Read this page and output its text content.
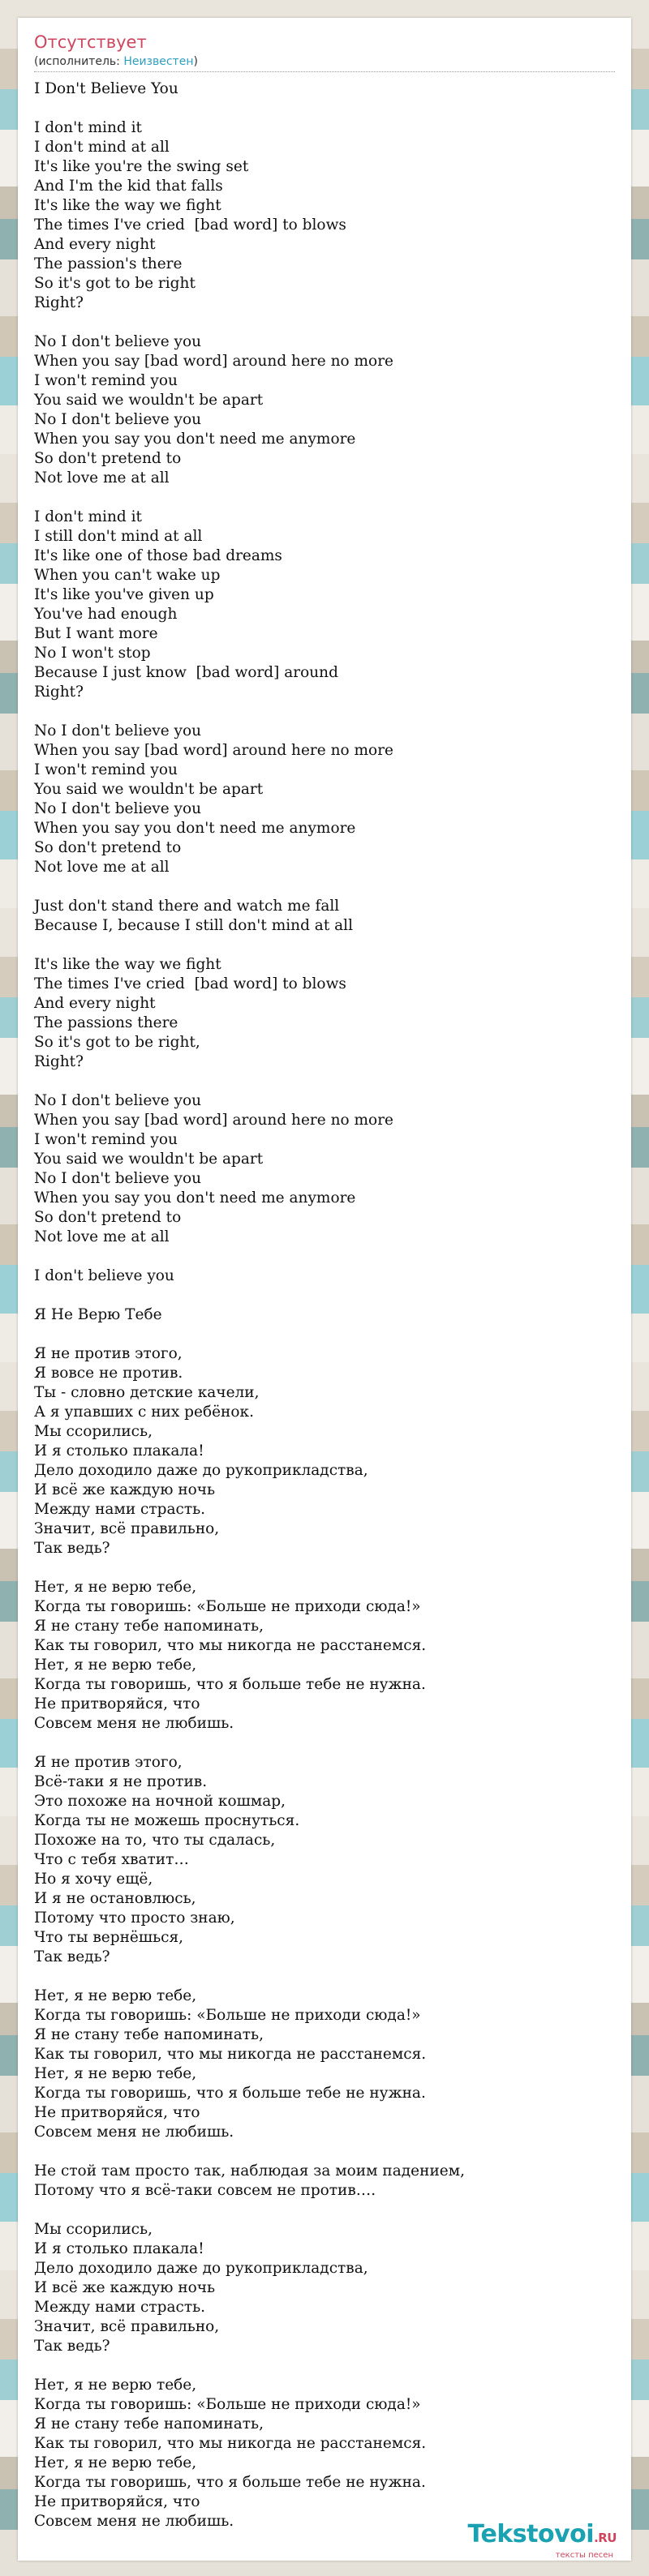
Отсутствует
(исполнитель: Неизвестен)
I Don't Believe You
I don't mind it
I don't mind at all
It's like you're the swing set
And I'm the kid that falls
It's like the way we fight
The times I've cried  [bad word] to blows
And every night
The passion's there
So it's got to be right
Right?
No I don't believe you
When you say [bad word] around here no more
I won't remind you
You said we wouldn't be apart
No I don't believe you
When you say you don't need me anymore
So don't pretend to
Not love me at all
I don't mind it
I still don't mind at all
It's like one of those bad dreams
When you can't wake up
It's like you've given up
You've had enough
But I want more
No I won't stop
Because I just know  [bad word] around
Right?
No I don't believe you
When you say [bad word] around here no more
I won't remind you
You said we wouldn't be apart
No I don't believe you
When you say you don't need me anymore
So don't pretend to
Not love me at all
Just don't stand there and watch me fall
Because I, because I still don't mind at all
It's like the way we fight
The times I've cried  [bad word] to blows
And every night
The passions there
So it's got to be right,
Right?
No I don't believe you
When you say [bad word] around here no more
I won't remind you
You said we wouldn't be apart
No I don't believe you
When you say you don't need me anymore
So don't pretend to
Not love me at all
I don't believe you
Я Не Верю Тебе
Я не против этого,
Я вовсе не против.
Ты - словно детские качели,
А я упавших с них ребёнок.
Мы ссорились,
И я столько плакала!
Дело доходило даже до рукоприкладства,
И всё же каждую ночь
Между нами страсть.
Значит, всё правильно,
Так ведь?
Нет, я не верю тебе,
Когда ты говоришь: «Больше не приходи сюда!»
Я не стану тебе напоминать,
Как ты говорил, что мы никогда не расстанемся.
Нет, я не верю тебе,
Когда ты говоришь, что я больше тебе не нужна.
Не притворяйся, что
Совсем меня не любишь.
Я не против этого,
Всё-таки я не против.
Это похоже на ночной кошмар,
Когда ты не можешь проснуться.
Похоже на то, что ты сдалась,
Что с тебя хватит…
Но я хочу ещё,
И я не остановлюсь,
Потому что просто знаю,
Что ты вернёшься,
Так ведь?
Нет, я не верю тебе,
Когда ты говоришь: «Больше не приходи сюда!»
Я не стану тебе напоминать,
Как ты говорил, что мы никогда не расстанемся.
Нет, я не верю тебе,
Когда ты говоришь, что я больше тебе не нужна.
Не притворяйся, что
Совсем меня не любишь.
Не стой там просто так, наблюдая за моим падением,
Потому что я всё-таки совсем не против….
Мы ссорились,
И я столько плакала!
Дело доходило даже до рукоприкладства,
И всё же каждую ночь
Между нами страсть.
Значит, всё правильно,
Так ведь?
Нет, я не верю тебе,
Когда ты говоришь: «Больше не приходи сюда!»
Я не стану тебе напоминать,
Как ты говорил, что мы никогда не расстанемся.
Нет, я не верю тебе,
Когда ты говоришь, что я больше тебе не нужна.
Не притворяйся, что
Совсем меня не любишь.	Tekstovoi.RU
тексты песен
